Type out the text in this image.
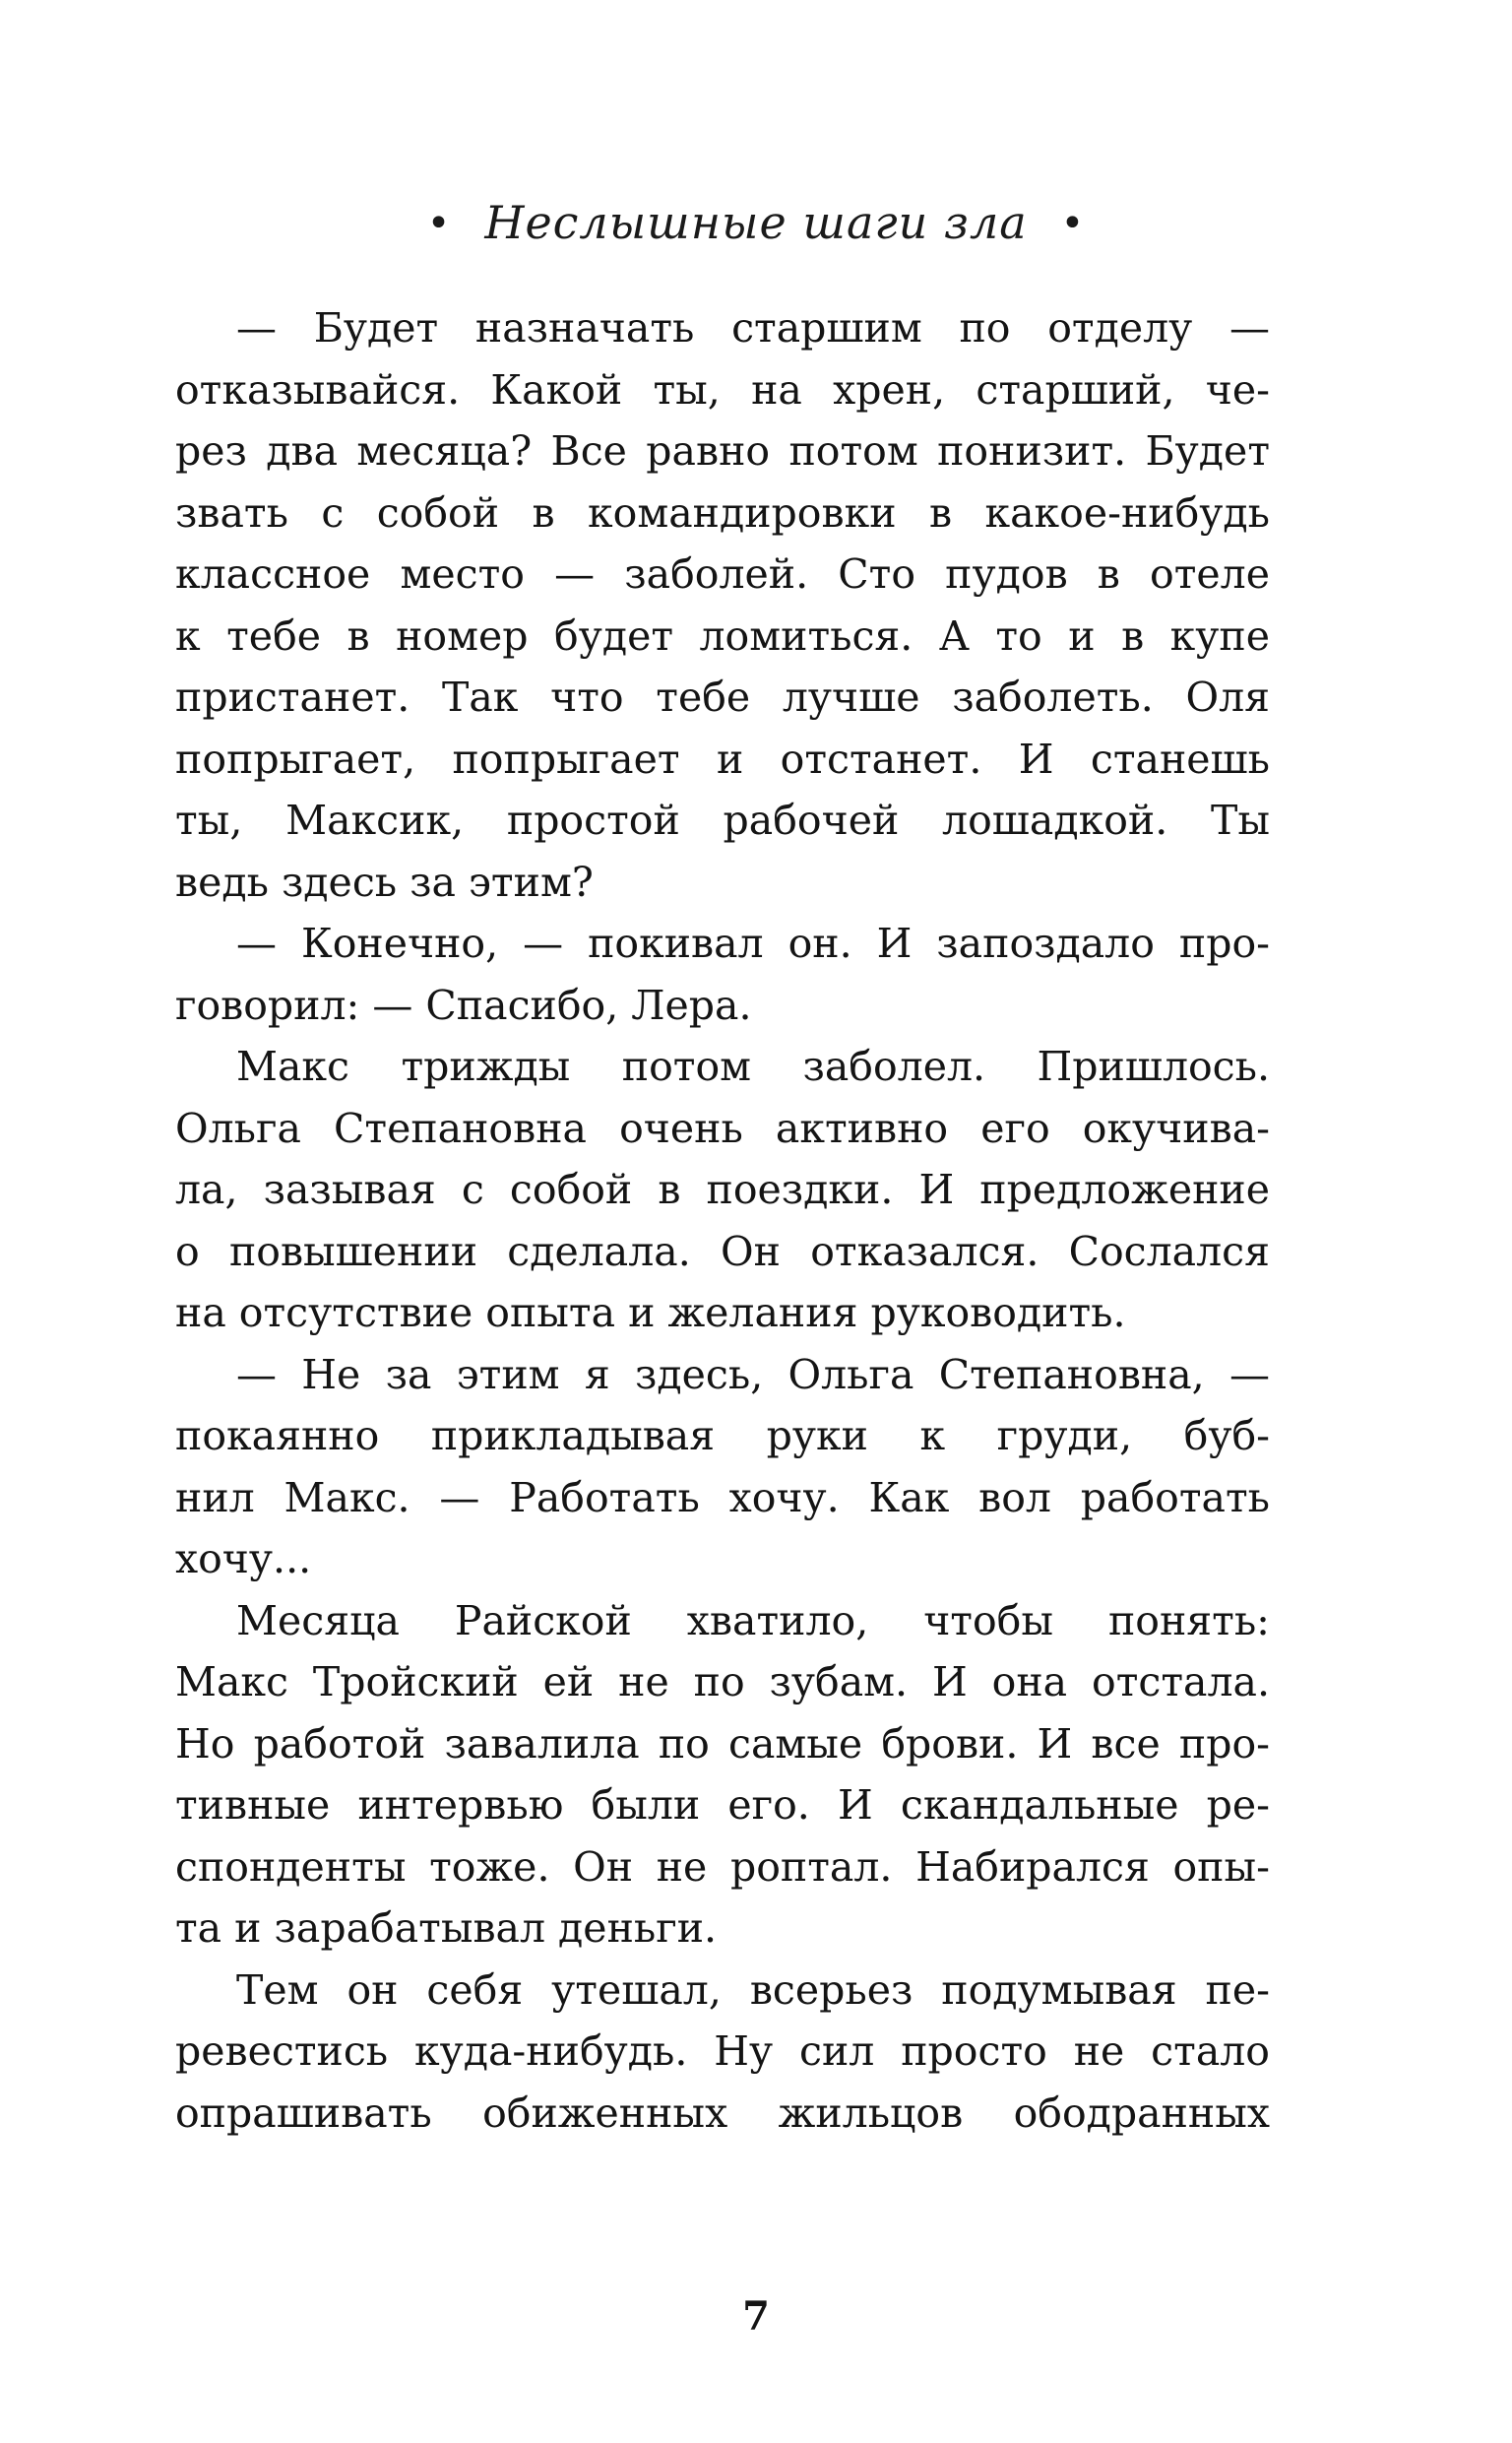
• Неслышные шаги зла •
— Будет назначать старшим по отделу —
отказывайся. Какой ты, на хрен, старший, че-
рез два месяца? Все равно потом понизит. Будет
звать с собой в командировки в какое-нибудь
классное место — заболей. Сто пудов в отеле
к тебе в номер будет ломиться. А то и в купе
пристанет. Так что тебе лучше заболеть. Оля
попрыгает, попрыгает и отстанет. И станешь
ты, Максик, простой рабочей лошадкой. Ты
ведь здесь за этим?
— Конечно, — покивал он. И запоздало про-
говорил: — Спасибо, Лера.
Макс трижды потом заболел. Пришлось.
Ольга Степановна очень активно его окучива-
ла, зазывая с собой в поездки. И предложение
о повышении сделала. Он отказался. Сослался
на отсутствие опыта и желания руководить.
— Не за этим я здесь, Ольга Степановна, —
покаянно прикладывая руки к груди, буб-
нил Макс. — Работать хочу. Как вол работать
хочу...
Месяца Райской хватило, чтобы понять:
Макс Тройский ей не по зубам. И она отстала.
Но работой завалила по самые брови. И все про-
тивные интервью были его. И скандальные ре-
спонденты тоже. Он не роптал. Набирался опы-
та и зарабатывал деньги.
Тем он себя утешал, всерьез подумывая пе-
ревестись куда-нибудь. Ну сил просто не стало
опрашивать обиженных жильцов ободранных
7
